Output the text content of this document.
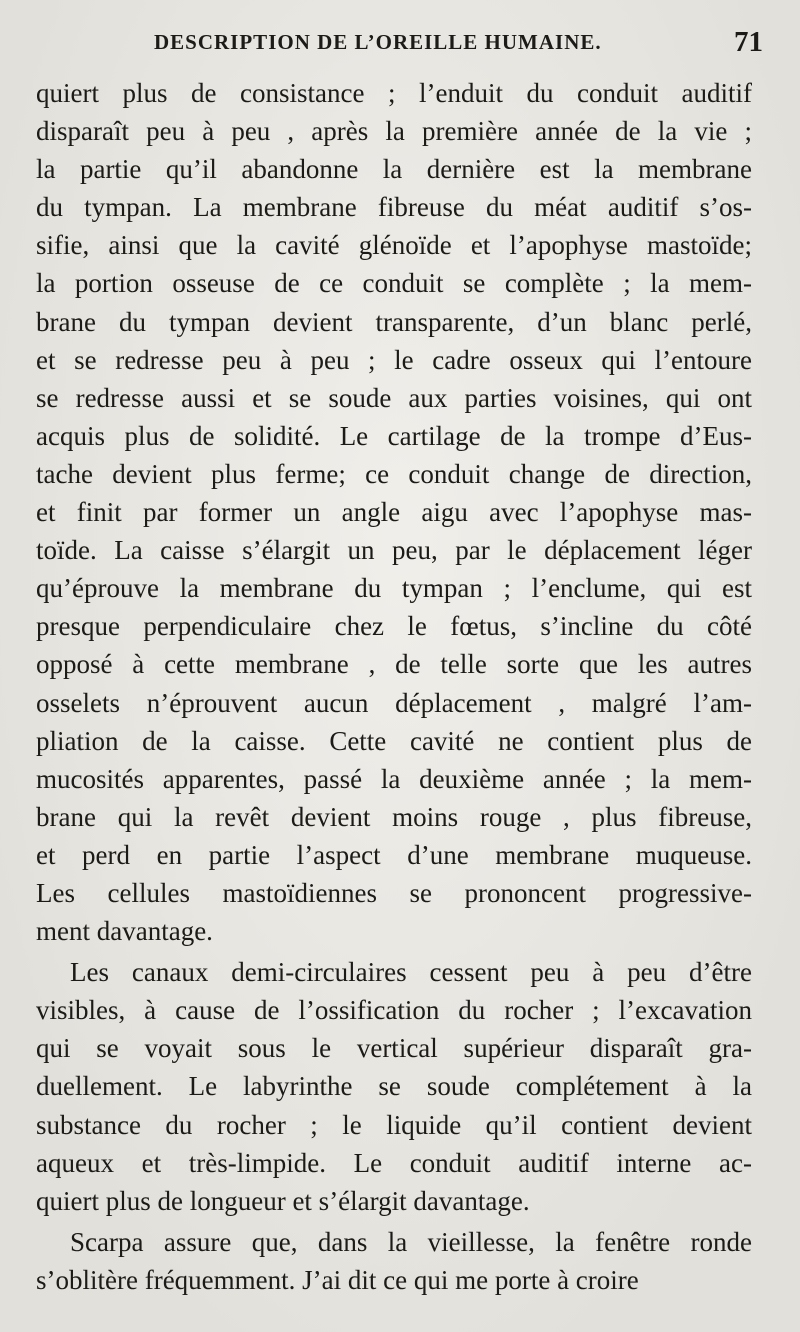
DESCRIPTION DE L’OREILLE HUMAINE.	71
quiert plus de consistance ; l’enduit du conduit auditif
disparaît peu à peu , après la première année de la vie ;
la partie qu’il abandonne la dernière est la membrane
du tympan. La membrane fibreuse du méat auditif s’os-
sifie, ainsi que la cavité glénoïde et l’apophyse mastoïde;
la portion osseuse de ce conduit se complète ; la mem-
brane du tympan devient transparente, d’un blanc perlé,
et se redresse peu à peu ; le cadre osseux qui l’entoure
se redresse aussi et se soude aux parties voisines, qui ont
acquis plus de solidité. Le cartilage de la trompe d’Eus-
tache devient plus ferme; ce conduit change de direction,
et finit par former un angle aigu avec l’apophyse mas-
toïde. La caisse s’élargit un peu, par le déplacement léger
qu’éprouve la membrane du tympan ; l’enclume, qui est
presque perpendiculaire chez le fœtus, s’incline du côté
opposé à cette membrane , de telle sorte que les autres
osselets n’éprouvent aucun déplacement , malgré l’am-
pliation de la caisse. Cette cavité ne contient plus de
mucosités apparentes, passé la deuxième année ; la mem-
brane qui la revêt devient moins rouge , plus fibreuse,
et perd en partie l’aspect d’une membrane muqueuse.
Les cellules mastoïdiennes se prononcent progressive-
ment davantage.
Les canaux demi-circulaires cessent peu à peu d’être
visibles, à cause de l’ossification du rocher ; l’excavation
qui se voyait sous le vertical supérieur disparaît gra-
duellement. Le labyrinthe se soude complétement à la
substance du rocher ; le liquide qu’il contient devient
aqueux et très-limpide. Le conduit auditif interne ac-
quiert plus de longueur et s’élargit davantage.
Scarpa assure que, dans la vieillesse, la fenêtre ronde
s’oblitère fréquemment. J’ai dit ce qui me porte à croire
